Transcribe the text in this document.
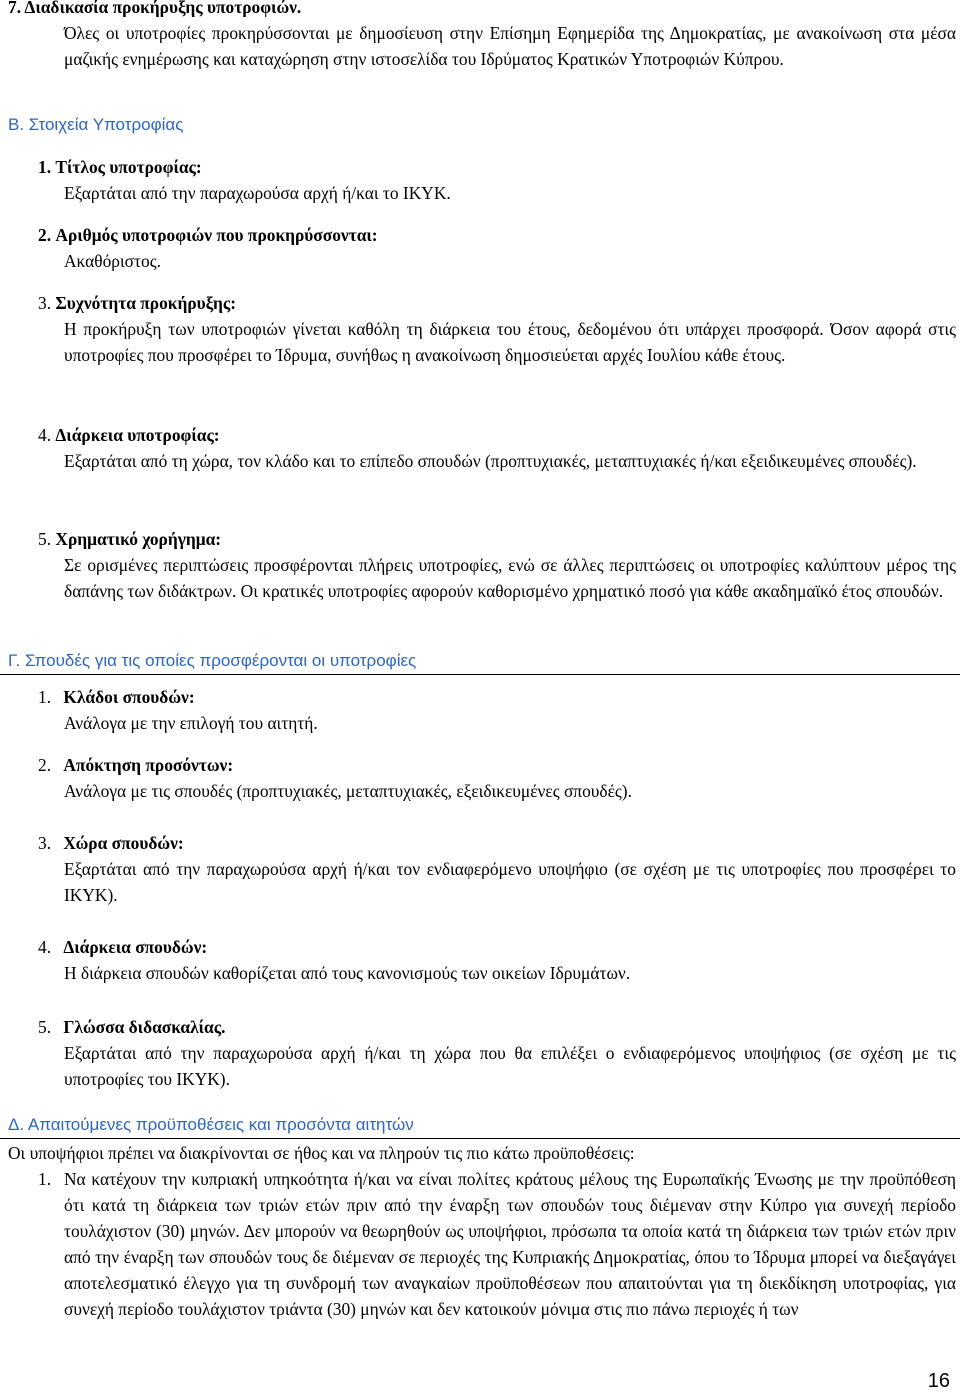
7. Διαδικασία προκήρυξης υποτροφιών.
Όλες οι υποτροφίες προκηρύσσονται με δημοσίευση στην Επίσημη Εφημερίδα της Δημοκρατίας, με ανακοίνωση στα μέσα μαζικής ενημέρωσης και καταχώρηση στην ιστοσελίδα του Ιδρύματος Κρατικών Υποτροφιών Κύπρου.
Β. Στοιχεία Υποτροφίας
1. Τίτλος υποτροφίας:
Εξαρτάται από την παραχωρούσα αρχή ή/και το ΙΚΥΚ.
2. Αριθμός υποτροφιών που προκηρύσσονται:
Ακαθόριστος.
3. Συχνότητα προκήρυξης:
Η προκήρυξη των υποτροφιών γίνεται καθόλη τη διάρκεια του έτους, δεδομένου ότι υπάρχει προσφορά. Όσον αφορά στις υποτροφίες που προσφέρει το Ίδρυμα, συνήθως η ανακοίνωση δημοσιεύεται αρχές Ιουλίου κάθε έτους.
4. Διάρκεια υποτροφίας:
Εξαρτάται από τη χώρα, τον κλάδο και το επίπεδο σπουδών (προπτυχιακές, μεταπτυχιακές ή/και εξειδικευμένες σπουδές).
5. Χρηματικό χορήγημα:
Σε ορισμένες περιπτώσεις προσφέρονται πλήρεις υποτροφίες, ενώ σε άλλες περιπτώσεις οι υποτροφίες καλύπτουν μέρος της δαπάνης των διδάκτρων. Οι κρατικές υποτροφίες αφορούν καθορισμένο χρηματικό ποσό για κάθε ακαδημαϊκό έτος σπουδών.
Γ. Σπουδές για τις οποίες προσφέρονται οι υποτροφίες
1. Κλάδοι σπουδών:
Ανάλογα με την επιλογή του αιτητή.
2. Απόκτηση προσόντων:
Ανάλογα με τις σπουδές (προπτυχιακές, μεταπτυχιακές, εξειδικευμένες σπουδές).
3. Χώρα σπουδών:
Εξαρτάται από την παραχωρούσα αρχή ή/και τον ενδιαφερόμενο υποψήφιο (σε σχέση με τις υποτροφίες που προσφέρει το ΙΚΥΚ).
4. Διάρκεια σπουδών:
Η διάρκεια σπουδών καθορίζεται από τους κανονισμούς των οικείων Ιδρυμάτων.
5. Γλώσσα διδασκαλίας.
Εξαρτάται από την παραχωρούσα αρχή ή/και τη χώρα που θα επιλέξει ο ενδιαφερόμενος υποψήφιος (σε σχέση με τις υποτροφίες του ΙΚΥΚ).
Δ. Απαιτούμενες προϋποθέσεις και προσόντα αιτητών
Οι υποψήφιοι πρέπει να διακρίνονται σε ήθος και να πληρούν τις πιο κάτω προϋποθέσεις:
1. Να κατέχουν την κυπριακή υπηκοότητα ή/και να είναι πολίτες κράτους μέλους της Ευρωπαϊκής Ένωσης με την προϋπόθεση ότι κατά τη διάρκεια των τριών ετών πριν από την έναρξη των σπουδών τους διέμεναν στην Κύπρο για συνεχή περίοδο τουλάχιστον (30) μηνών. Δεν μπορούν να θεωρηθούν ως υποψήφιοι, πρόσωπα τα οποία κατά τη διάρκεια των τριών ετών πριν από την έναρξη των σπουδών τους δε διέμεναν σε περιοχές της Κυπριακής Δημοκρατίας, όπου το Ίδρυμα μπορεί να διεξαγάγει αποτελεσματικό έλεγχο για τη συνδρομή των αναγκαίων προϋποθέσεων που απαιτούνται για τη διεκδίκηση υποτροφίας, για συνεχή περίοδο τουλάχιστον τριάντα (30) μηνών και δεν κατοικούν μόνιμα στις πιο πάνω περιοχές ή των
16
